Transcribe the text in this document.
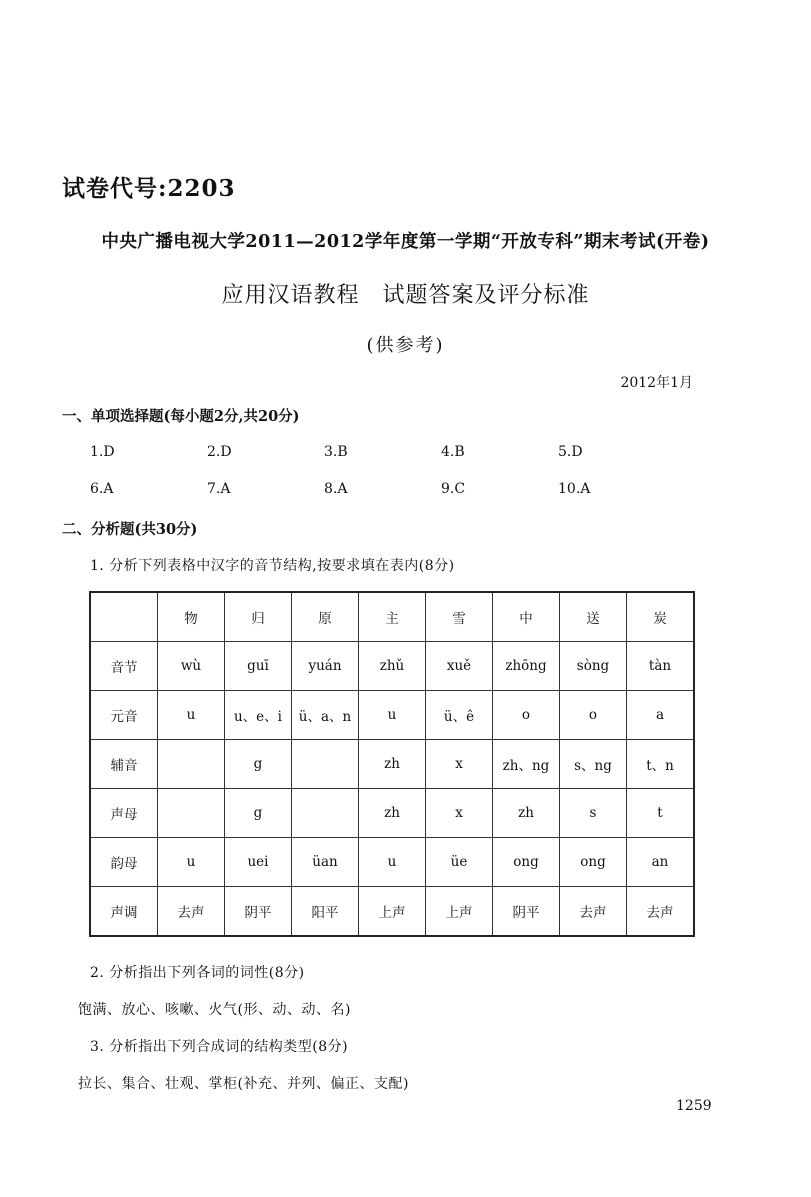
试卷代号:2203
中央广播电视大学2011—2012学年度第一学期“开放专科”期末考试(开卷)
应用汉语教程　试题答案及评分标准
(供参考)
2012年1月
一、单项选择题(每小题2分,共20分)
1.D	2.D	3.B	4.B	5.D
6.A	7.A	8.A	9.C	10.A
二、分析题(共30分)
1. 分析下列表格中汉字的音节结构,按要求填在表内(8分)
	物	归	原	主	雪	中	送	炭
音节	wù	guī	yuán	zhǔ	xuě	zhōng	sòng	tàn
元音	u	u、e、i	ü、a、n	u	ü、ê	o	o	a
辅音		g		zh	x	zh、ng	s、ng	t、n
声母		g		zh	x	zh	s	t
韵母	u	uei	üan	u	üe	ong	ong	an
声调	去声	阴平	阳平	上声	上声	阴平	去声	去声
2. 分析指出下列各词的词性(8分)
饱满、放心、咳嗽、火气(形、动、动、名)
3. 分析指出下列合成词的结构类型(8分)
拉长、集合、壮观、掌柜(补充、并列、偏正、支配)
1259
